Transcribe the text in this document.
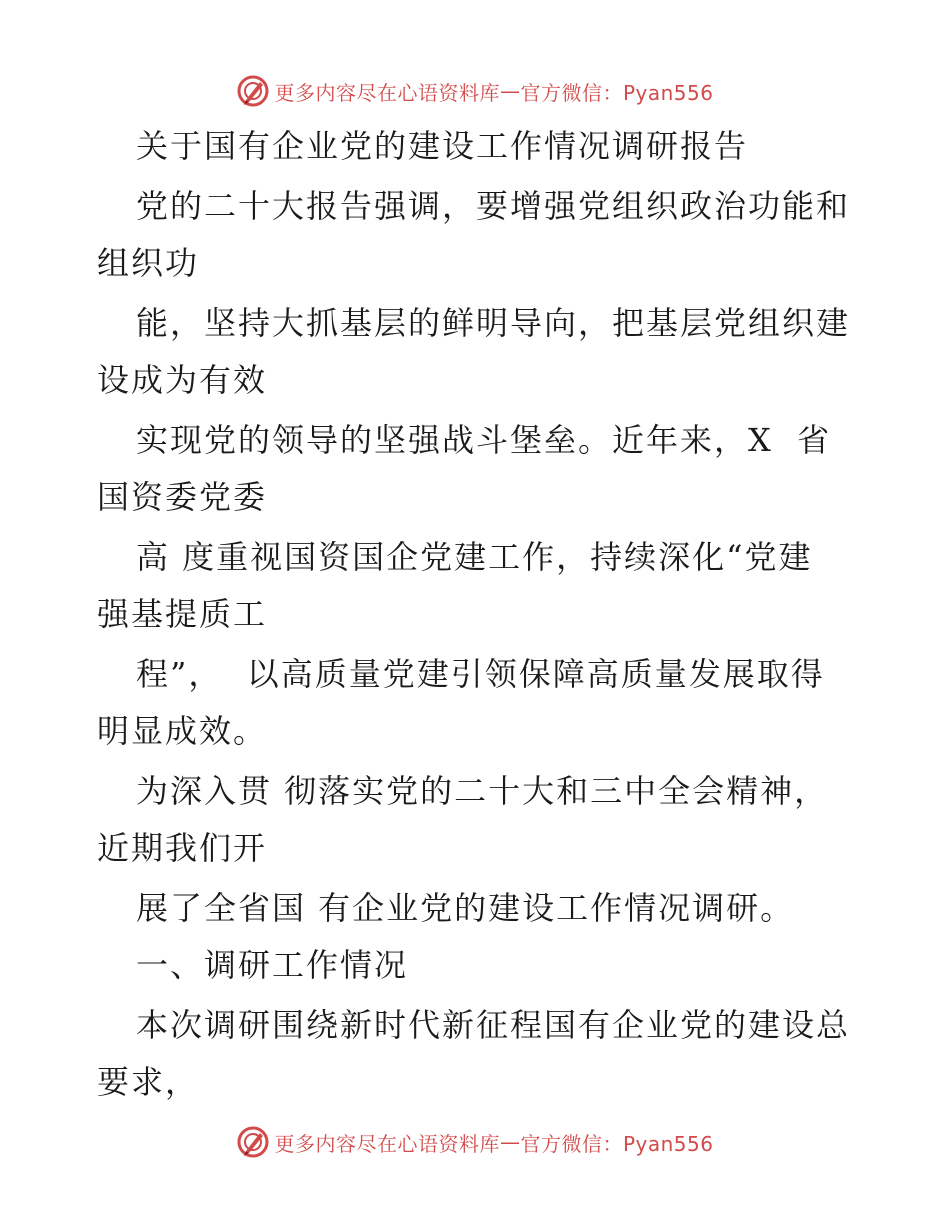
更多内容尽在心语资料库 — 官方微信：Pyan556
关于国有企业党的建设工作情况调研报告
党的二十大报告强调，要增强党组织政治功能和
组织功
能，坚持大抓基层的鲜明导向，把基层党组织建
设成为有效
实现党的领导的坚强战斗堡垒。近年来，X  省
国资委党委
高 度重视国资国企党建工作，持续深化“党建
强基提质工
程”，  以高质量党建引领保障高质量发展取得
明显成效。
为深入贯 彻落实党的二十大和三中全会精神，
近期我们开
展了全省国 有企业党的建设工作情况调研。
一、调研工作情况
本次调研围绕新时代新征程国有企业党的建设总
要求，
更多内容尽在心语资料库 — 官方微信：Pyan556
